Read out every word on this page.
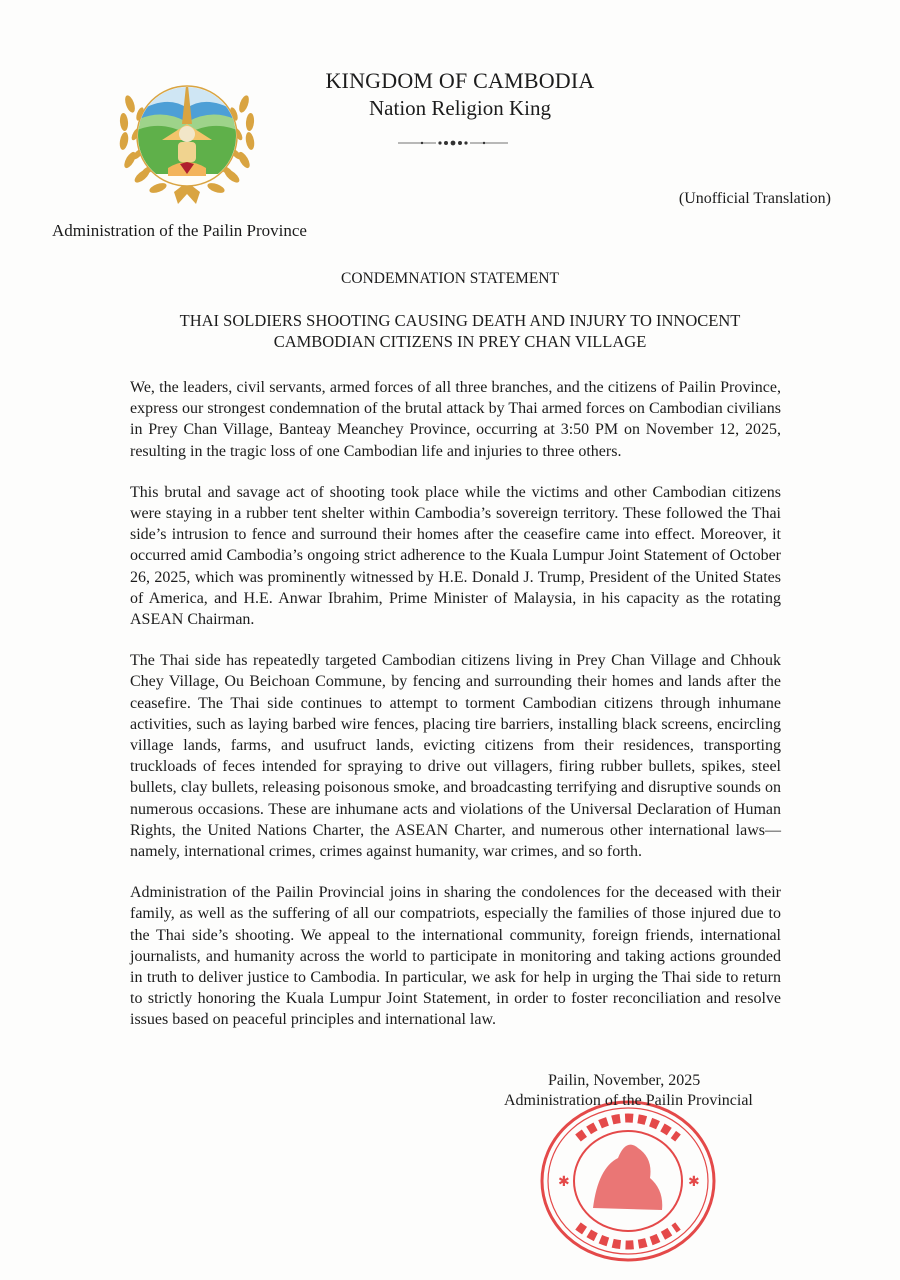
KINGDOM OF CAMBODIA
Nation Religion King
(Unofficial Translation)
Administration of the Pailin Province
CONDEMNATION STATEMENT
THAI SOLDIERS SHOOTING CAUSING DEATH AND INJURY TO INNOCENT
CAMBODIAN CITIZENS IN PREY CHAN VILLAGE

We, the leaders, civil servants, armed forces of all three branches, and the citizens of Pailin Province, express our strongest condemnation of the brutal attack by Thai armed forces on Cambodian civilians in Prey Chan Village, Banteay Meanchey Province, occurring at 3:50 PM on November 12, 2025, resulting in the tragic loss of one Cambodian life and injuries to three others.

This brutal and savage act of shooting took place while the victims and other Cambodian citizens were staying in a rubber tent shelter within Cambodia’s sovereign territory. These followed the Thai side’s intrusion to fence and surround their homes after the ceasefire came into effect. Moreover, it occurred amid Cambodia’s ongoing strict adherence to the Kuala Lumpur Joint Statement of October 26, 2025, which was prominently witnessed by H.E. Donald J. Trump, President of the United States of America, and H.E. Anwar Ibrahim, Prime Minister of Malaysia, in his capacity as the rotating ASEAN Chairman.

The Thai side has repeatedly targeted Cambodian citizens living in Prey Chan Village and Chhouk Chey Village, Ou Beichoan Commune, by fencing and surrounding their homes and lands after the ceasefire. The Thai side continues to attempt to torment Cambodian citizens through inhumane activities, such as laying barbed wire fences, placing tire barriers, installing black screens, encircling village lands, farms, and usufruct lands, evicting citizens from their residences, transporting truckloads of feces intended for spraying to drive out villagers, firing rubber bullets, spikes, steel bullets, clay bullets, releasing poisonous smoke, and broadcasting terrifying and disruptive sounds on numerous occasions. These are inhumane acts and violations of the Universal Declaration of Human Rights, the United Nations Charter, the ASEAN Charter, and numerous other international laws—namely, international crimes, crimes against humanity, war crimes, and so forth.

Administration of the Pailin Provincial joins in sharing the condolences for the deceased with their family, as well as the suffering of all our compatriots, especially the families of those injured due to the Thai side’s shooting. We appeal to the international community, foreign friends, international journalists, and humanity across the world to participate in monitoring and taking actions grounded in truth to deliver justice to Cambodia. In particular, we ask for help in urging the Thai side to return to strictly honoring the Kuala Lumpur Joint Statement, in order to foster reconciliation and resolve issues based on peaceful principles and international law.

✱	✱
Pailin, November, 2025
Administration of the Pailin Provincial
